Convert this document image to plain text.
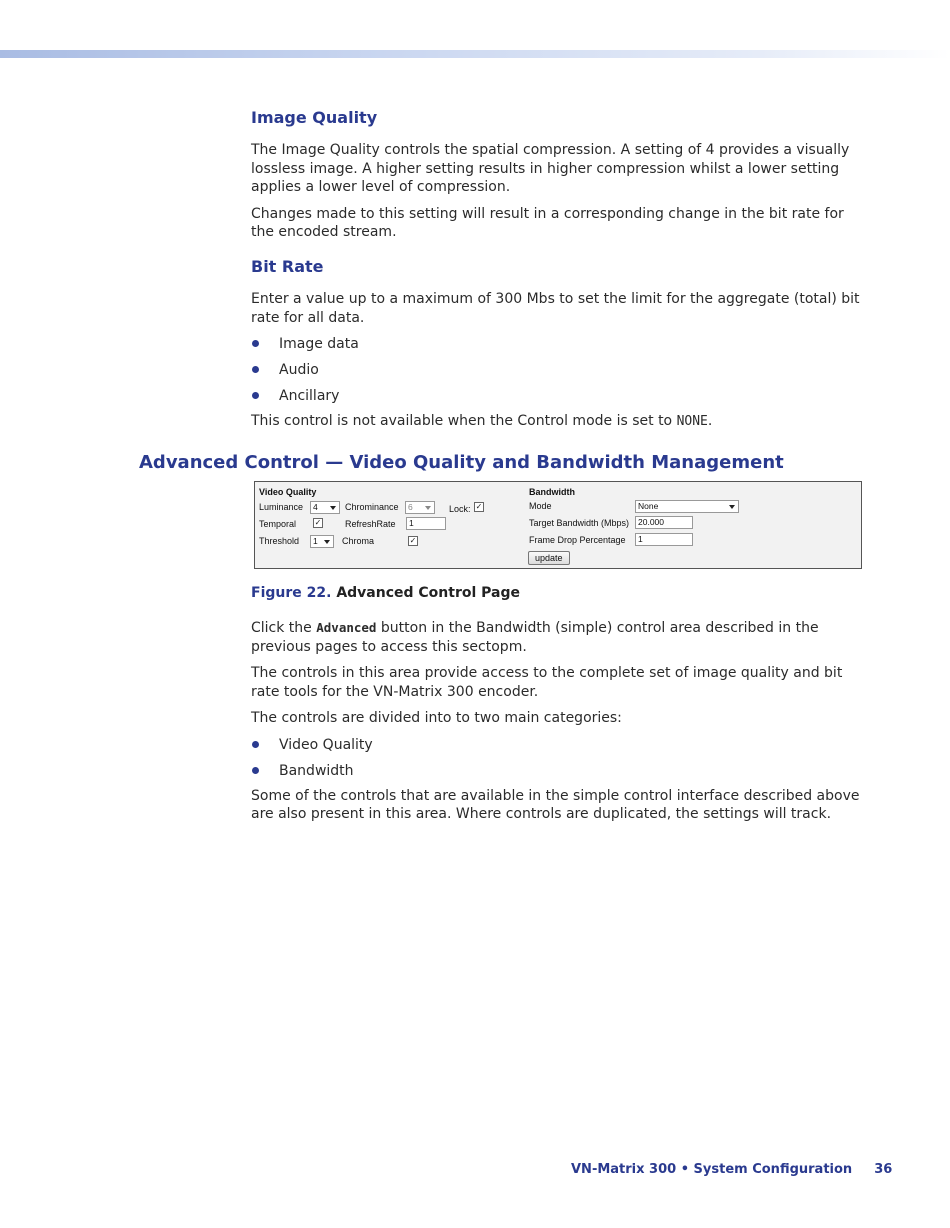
Image Quality

The Image Quality controls the spatial compression. A setting of 4 provides a visually lossless image. A higher setting results in higher compression whilst a lower setting applies a lower level of compression.

Changes made to this setting will result in a corresponding change in the bit rate for the encoded stream.

Bit Rate

Enter a value up to a maximum of 300 Mbs to set the limit for the aggregate (total) bit rate for all data.

Image data
Audio
Ancillary

This control is not available when the Control mode is set to NONE.

Advanced Control — Video Quality and Bandwidth Management
Video Quality
Luminance	4	Chrominance	6	Lock: ✓
Temporal ✓	RefreshRate	1
Threshold	1	Chroma	✓
Bandwidth
Mode	None
Target Bandwidth (Mbps)	20.000
Frame Drop Percentage	1
update
Figure 22. Advanced Control Page

Click the Advanced button in the Bandwidth (simple) control area described in the previous pages to access this sectopm.

The controls in this area provide access to the complete set of image quality and bit rate tools for the VN-Matrix 300 encoder.

The controls are divided into to two main categories:

Video Quality
Bandwidth

Some of the controls that are available in the simple control interface described above are also present in this area. Where controls are duplicated, the settings will track.

VN-Matrix 300 • System Configuration 36
